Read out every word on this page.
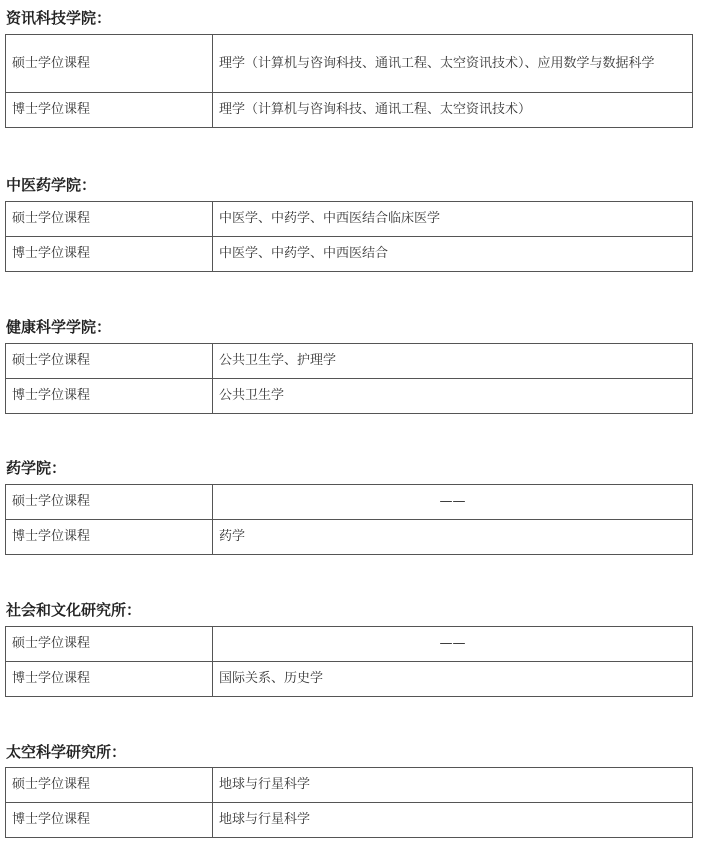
资讯科技学院：
硕士学位课程	理学（计算机与咨询科技、通讯工程、太空资讯技术）、应用数学与数据科学
博士学位课程	理学（计算机与咨询科技、通讯工程、太空资讯技术）
中医药学院：
硕士学位课程	中医学、中药学、中西医结合临床医学
博士学位课程	中医学、中药学、中西医结合
健康科学学院：
硕士学位课程	公共卫生学、护理学
博士学位课程	公共卫生学
药学院：
硕士学位课程	——
博士学位课程	药学
社会和文化研究所：
硕士学位课程	——
博士学位课程	国际关系、历史学
太空科学研究所：
硕士学位课程	地球与行星科学
博士学位课程	地球与行星科学
